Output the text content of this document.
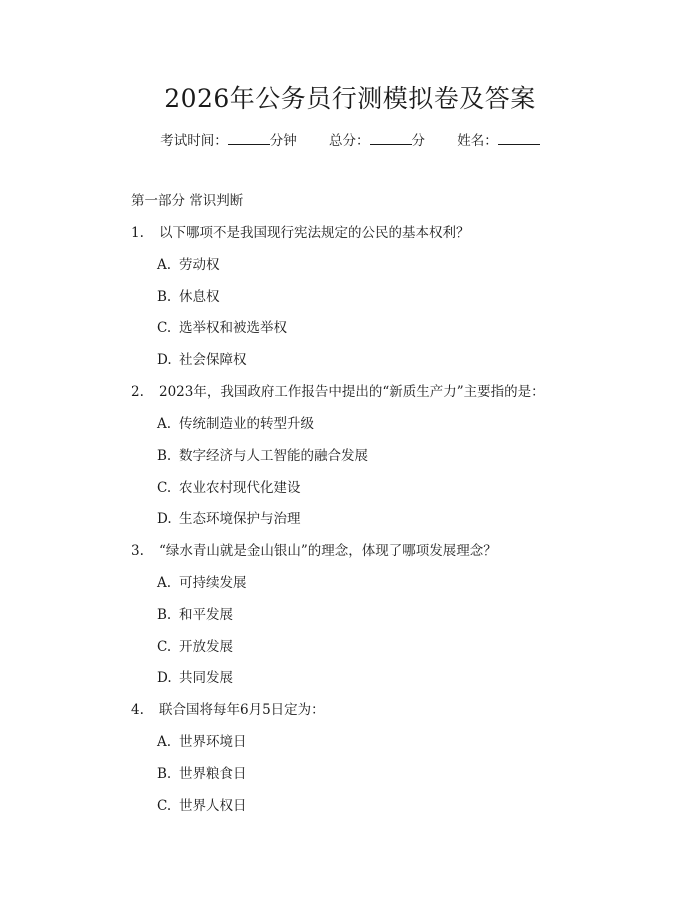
2026年公务员行测模拟卷及答案
考试时间：	分钟 总分：	分 姓名：
第一部分 常识判断
1. 以下哪项不是我国现行宪法规定的公民的基本权利？
A. 劳动权
B. 休息权
C. 选举权和被选举权
D. 社会保障权
2. 2023年，我国政府工作报告中提出的“新质生产力”主要指的是：
A. 传统制造业的转型升级
B. 数字经济与人工智能的融合发展
C. 农业农村现代化建设
D. 生态环境保护与治理
3. “绿水青山就是金山银山”的理念，体现了哪项发展理念？
A. 可持续发展
B. 和平发展
C. 开放发展
D. 共同发展
4. 联合国将每年6月5日定为：
A. 世界环境日
B. 世界粮食日
C. 世界人权日
